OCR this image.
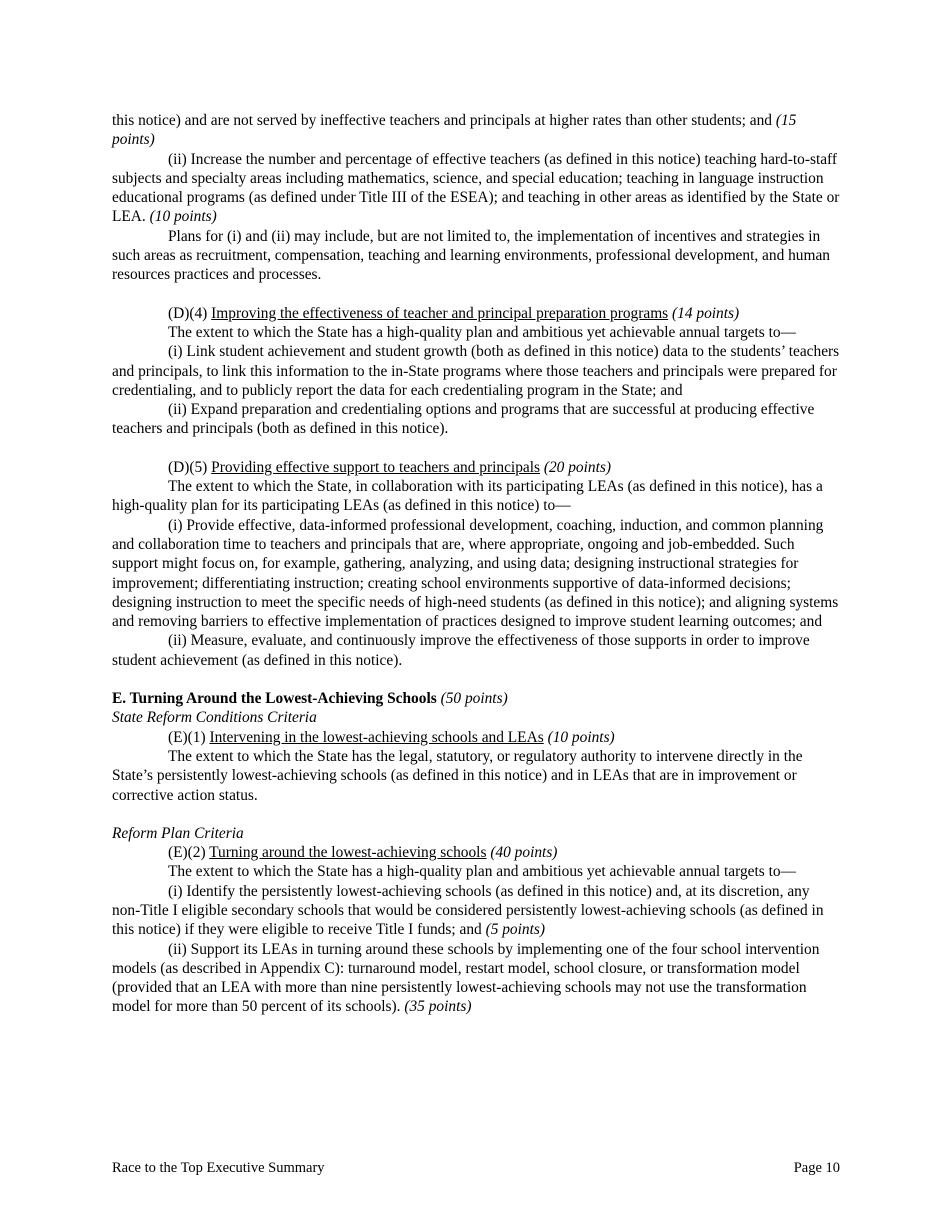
this notice) and are not served by ineffective teachers and principals at higher rates than other students; and (15 points)

(ii) Increase the number and percentage of effective teachers (as defined in this notice) teaching hard-to-staff subjects and specialty areas including mathematics, science, and special education; teaching in language instruction educational programs (as defined under Title III of the ESEA); and teaching in other areas as identified by the State or LEA. (10 points)

Plans for (i) and (ii) may include, but are not limited to, the implementation of incentives and strategies in such areas as recruitment, compensation, teaching and learning environments, professional development, and human resources practices and processes.

(D)(4) Improving the effectiveness of teacher and principal preparation programs (14 points)

The extent to which the State has a high-quality plan and ambitious yet achievable annual targets to—

(i) Link student achievement and student growth (both as defined in this notice) data to the students’ teachers and principals, to link this information to the in-State programs where those teachers and principals were prepared for credentialing, and to publicly report the data for each credentialing program in the State; and

(ii) Expand preparation and credentialing options and programs that are successful at producing effective teachers and principals (both as defined in this notice).

(D)(5) Providing effective support to teachers and principals (20 points)

The extent to which the State, in collaboration with its participating LEAs (as defined in this notice), has a high-quality plan for its participating LEAs (as defined in this notice) to—

(i) Provide effective, data-informed professional development, coaching, induction, and common planning and collaboration time to teachers and principals that are, where appropriate, ongoing and job-embedded. Such support might focus on, for example, gathering, analyzing, and using data; designing instructional strategies for improvement; differentiating instruction; creating school environments supportive of data-informed decisions; designing instruction to meet the specific needs of high-need students (as defined in this notice); and aligning systems and removing barriers to effective implementation of practices designed to improve student learning outcomes; and

(ii) Measure, evaluate, and continuously improve the effectiveness of those supports in order to improve student achievement (as defined in this notice).

E. Turning Around the Lowest-Achieving Schools (50 points)

State Reform Conditions Criteria

(E)(1) Intervening in the lowest-achieving schools and LEAs (10 points)

The extent to which the State has the legal, statutory, or regulatory authority to intervene directly in the State’s persistently lowest-achieving schools (as defined in this notice) and in LEAs that are in improvement or corrective action status.

Reform Plan Criteria

(E)(2) Turning around the lowest-achieving schools (40 points)

The extent to which the State has a high-quality plan and ambitious yet achievable annual targets to—

(i) Identify the persistently lowest-achieving schools (as defined in this notice) and, at its discretion, any non-Title I eligible secondary schools that would be considered persistently lowest-achieving schools (as defined in this notice) if they were eligible to receive Title I funds; and (5 points)

(ii) Support its LEAs in turning around these schools by implementing one of the four school intervention models (as described in Appendix C): turnaround model, restart model, school closure, or transformation model (provided that an LEA with more than nine persistently lowest-achieving schools may not use the transformation model for more than 50 percent of its schools). (35 points)

Race to the Top Executive Summary	Page 10
